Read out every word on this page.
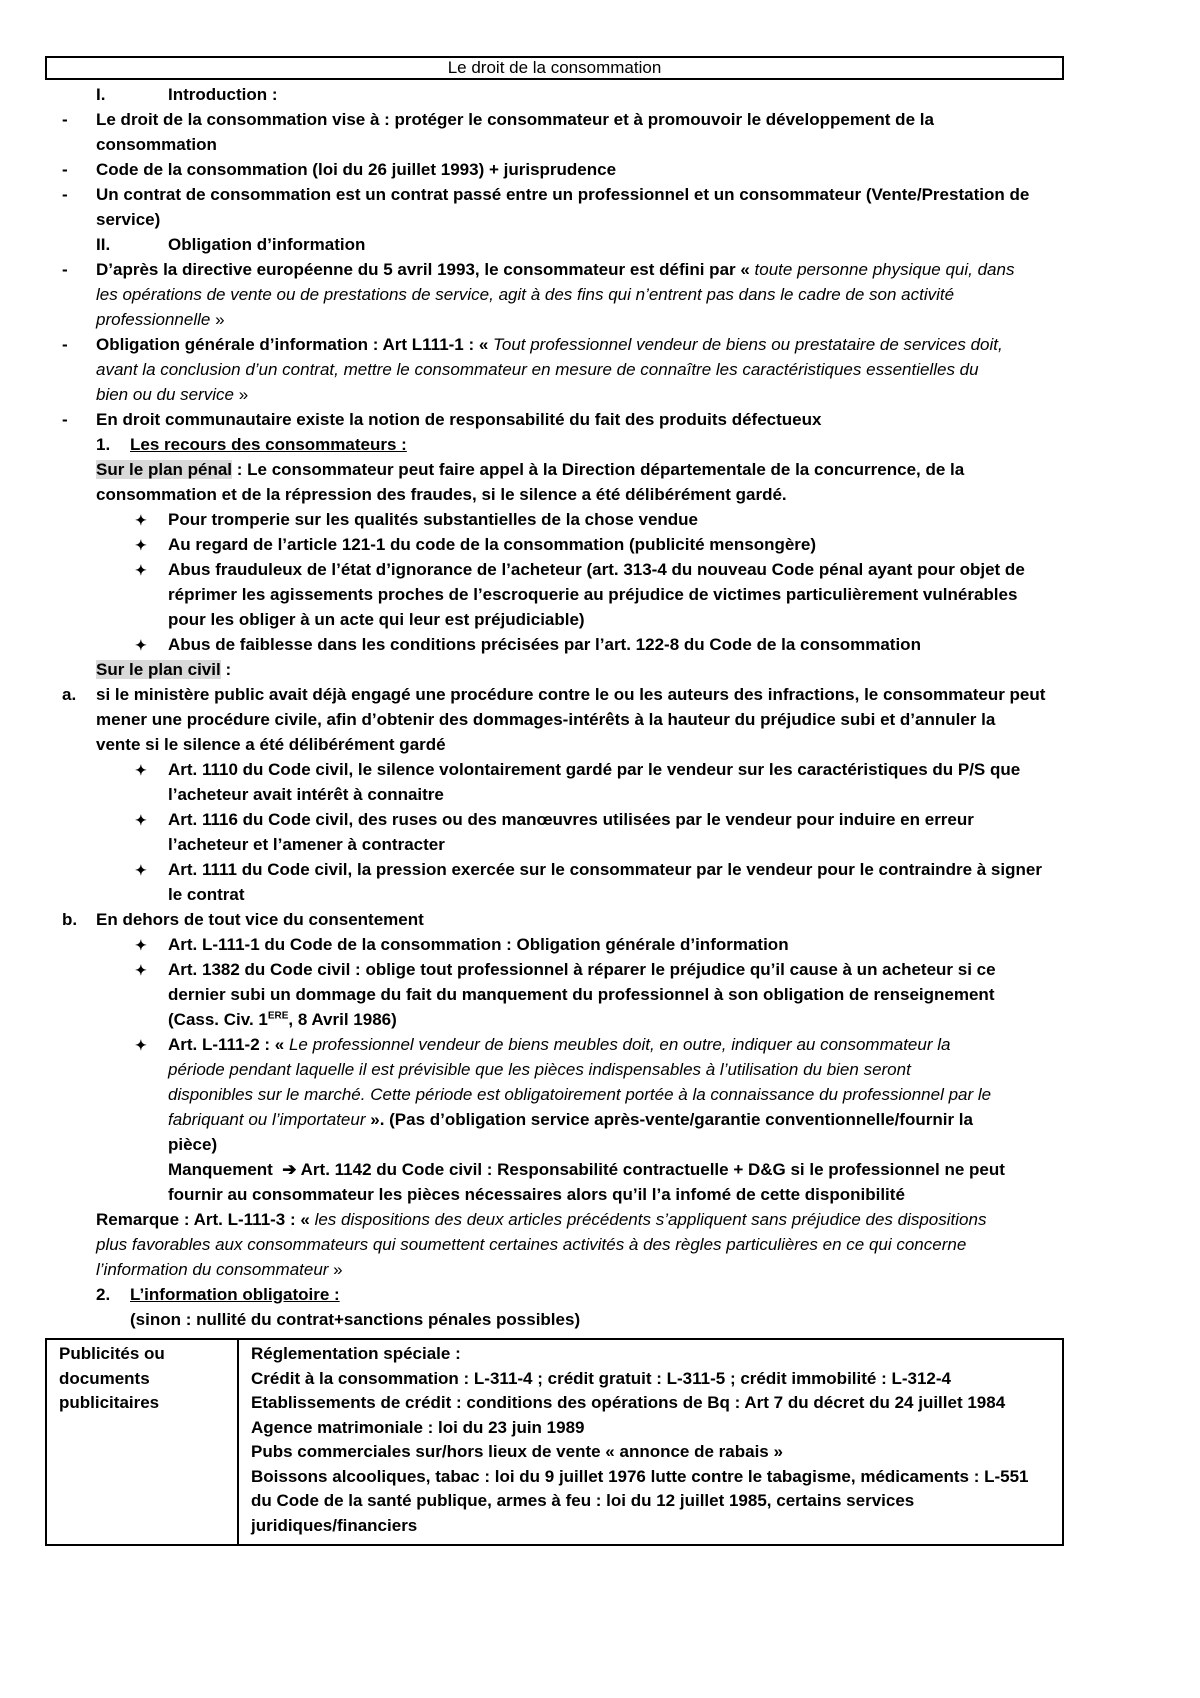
Le droit de la consommation
I.	Introduction :
- Le droit de la consommation vise à : protéger le consommateur et à promouvoir le développement de la
consommation
- Code de la consommation (loi du 26 juillet 1993) + jurisprudence
- Un contrat de consommation est un contrat passé entre un professionnel et un consommateur (Vente/Prestation de
service)
II.	Obligation d’information
- D’après la directive européenne du 5 avril 1993, le consommateur est défini par « toute personne physique qui, dans
les opérations de vente ou de prestations de service, agit à des fins qui n’entrent pas dans le cadre de son activité
professionnelle »
- Obligation générale d’information : Art L111-1 : « Tout professionnel vendeur de biens ou prestataire de services doit,
avant la conclusion d’un contrat, mettre le consommateur en mesure de connaître les caractéristiques essentielles du
bien ou du service »
- En droit communautaire existe la notion de responsabilité du fait des produits défectueux
1. Les recours des consommateurs :
Sur le plan pénal : Le consommateur peut faire appel à la Direction départementale de la concurrence, de la
consommation et de la répression des fraudes, si le silence a été délibérément gardé.
✦ Pour tromperie sur les qualités substantielles de la chose vendue
✦ Au regard de l’article 121-1 du code de la consommation (publicité mensongère)
✦ Abus frauduleux de l’état d’ignorance de l’acheteur (art. 313-4 du nouveau Code pénal ayant pour objet de
réprimer les agissements proches de l’escroquerie au préjudice de victimes particulièrement vulnérables
pour les obliger à un acte qui leur est préjudiciable)
✦ Abus de faiblesse dans les conditions précisées par l’art. 122-8 du Code de la consommation
Sur le plan civil :
a. si le ministère public avait déjà engagé une procédure contre le ou les auteurs des infractions, le consommateur peut
mener une procédure civile, afin d’obtenir des dommages-intérêts à la hauteur du préjudice subi et d’annuler la
vente si le silence a été délibérément gardé
✦ Art. 1110 du Code civil, le silence volontairement gardé par le vendeur sur les caractéristiques du P/S que
l’acheteur avait intérêt à connaitre
✦ Art. 1116 du Code civil, des ruses ou des manœuvres utilisées par le vendeur pour induire en erreur
l’acheteur et l’amener à contracter
✦ Art. 1111 du Code civil, la pression exercée sur le consommateur par le vendeur pour le contraindre à signer
le contrat
b. En dehors de tout vice du consentement
✦ Art. L-111-1 du Code de la consommation : Obligation générale d’information
✦ Art. 1382 du Code civil : oblige tout professionnel à réparer le préjudice qu’il cause à un acheteur si ce
dernier subi un dommage du fait du manquement du professionnel à son obligation de renseignement
(Cass. Civ. 1ERE, 8 Avril 1986)
✦ Art. L-111-2 : « Le professionnel vendeur de biens meubles doit, en outre, indiquer au consommateur la
période pendant laquelle il est prévisible que les pièces indispensables à l’utilisation du bien seront
disponibles sur le marché. Cette période est obligatoirement portée à la connaissance du professionnel par le
fabriquant ou l’importateur ». (Pas d’obligation service après-vente/garantie conventionnelle/fournir la
pièce)
Manquement ➔ Art. 1142 du Code civil : Responsabilité contractuelle + D&G si le professionnel ne peut
fournir au consommateur les pièces nécessaires alors qu’il l’a infomé de cette disponibilité
Remarque : Art. L-111-3 : « les dispositions des deux articles précédents s’appliquent sans préjudice des dispositions
plus favorables aux consommateurs qui soumettent certaines activités à des règles particulières en ce qui concerne
l’information du consommateur »
2. L’information obligatoire :
(sinon : nullité du contrat+sanctions pénales possibles)
Publicités ou
documents
publicitaires

Réglementation spéciale :
Crédit à la consommation : L-311-4 ; crédit gratuit : L-311-5 ; crédit immobilité : L-312-4
Etablissements de crédit : conditions des opérations de Bq : Art 7 du décret du 24 juillet 1984
Agence matrimoniale : loi du 23 juin 1989
Pubs commerciales sur/hors lieux de vente « annonce de rabais »
Boissons alcooliques, tabac : loi du 9 juillet 1976 lutte contre le tabagisme, médicaments : L-551
du Code de la santé publique, armes à feu : loi du 12 juillet 1985, certains services
juridiques/financiers
